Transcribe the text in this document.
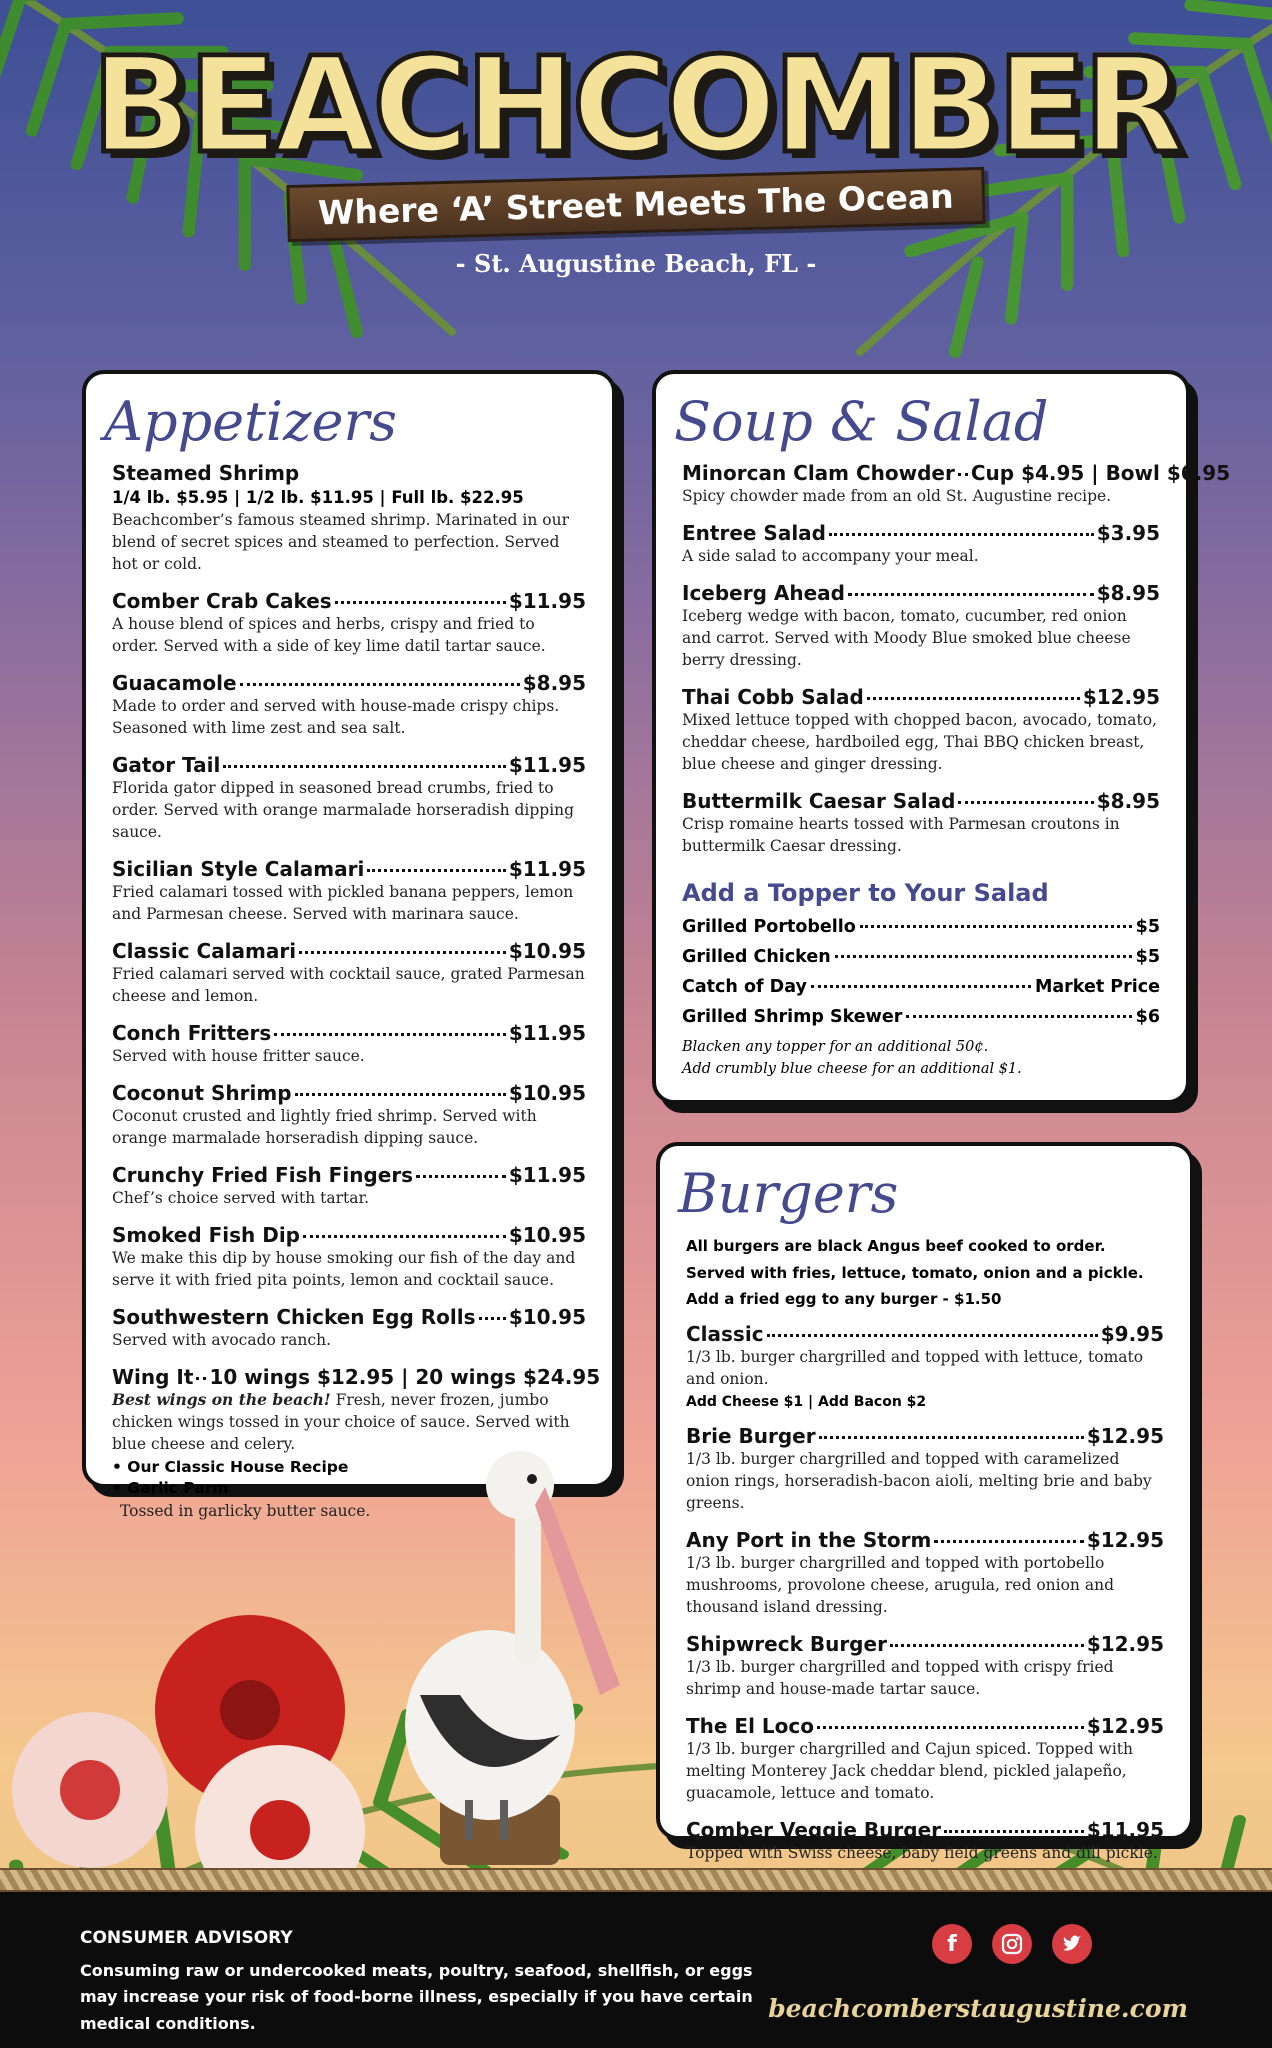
BEACHCOMBER
Where ‘A’ Street Meets The Ocean
- St. Augustine Beach, FL -
Appetizers
Steamed Shrimp
1/4 lb. $5.95 | 1/2 lb. $11.95 | Full lb. $22.95
Beachcomber’s famous steamed shrimp. Marinated in our blend of secret spices and steamed to perfection. Served hot or cold.
Comber Crab Cakes	$11.95
A house blend of spices and herbs, crispy and fried to order. Served with a side of key lime datil tartar sauce.
Guacamole	$8.95
Made to order and served with house-made crispy chips. Seasoned with lime zest and sea salt.
Gator Tail	$11.95
Florida gator dipped in seasoned bread crumbs, fried to order. Served with orange marmalade horseradish dipping sauce.
Sicilian Style Calamari	$11.95
Fried calamari tossed with pickled banana peppers, lemon and Parmesan cheese. Served with marinara sauce.
Classic Calamari	$10.95
Fried calamari served with cocktail sauce, grated Parmesan cheese and lemon.
Conch Fritters	$11.95
Served with house fritter sauce.
Coconut Shrimp	$10.95
Coconut crusted and lightly fried shrimp. Served with orange marmalade horseradish dipping sauce.
Crunchy Fried Fish Fingers	$11.95
Chef’s choice served with tartar.
Smoked Fish Dip	$10.95
We make this dip by house smoking our fish of the day and serve it with fried pita points, lemon and cocktail sauce.
Southwestern Chicken Egg Rolls $10.95
Served with avocado ranch.
Wing It 10 wings $12.95 | 20 wings $24.95
Best wings on the beach! Fresh, never frozen, jumbo chicken wings tossed in your choice of sauce. Served with blue cheese and celery.
• Our Classic House Recipe
• Garlic Parm
Tossed in garlicky butter sauce.
Soup & Salad
Minorcan Clam Chowder Cup $4.95 | Bowl $6.95
Spicy chowder made from an old St. Augustine recipe.
Entree Salad	$3.95
A side salad to accompany your meal.
Iceberg Ahead	$8.95
Iceberg wedge with bacon, tomato, cucumber, red onion and carrot. Served with Moody Blue smoked blue cheese berry dressing.
Thai Cobb Salad	$12.95
Mixed lettuce topped with chopped bacon, avocado, tomato, cheddar cheese, hardboiled egg, Thai BBQ chicken breast, blue cheese and ginger dressing.
Buttermilk Caesar Salad	$8.95
Crisp romaine hearts tossed with Parmesan croutons in buttermilk Caesar dressing.
Add a Topper to Your Salad
Grilled Portobello	$5
Grilled Chicken	$5
Catch of Day	Market Price
Grilled Shrimp Skewer	$6
Blacken any topper for an additional 50¢.
Add crumbly blue cheese for an additional $1.
Burgers
All burgers are black Angus beef cooked to order.
Served with fries, lettuce, tomato, onion and a pickle.
Add a fried egg to any burger - $1.50
Classic	$9.95
1/3 lb. burger chargrilled and topped with lettuce, tomato and onion.
Add Cheese $1 | Add Bacon $2
Brie Burger	$12.95
1/3 lb. burger chargrilled and topped with caramelized onion rings, horseradish-bacon aioli, melting brie and baby greens.
Any Port in the Storm	$12.95
1/3 lb. burger chargrilled and topped with portobello mushrooms, provolone cheese, arugula, red onion and thousand island dressing.
Shipwreck Burger	$12.95
1/3 lb. burger chargrilled and topped with crispy fried shrimp and house-made tartar sauce.
The El Loco	$12.95
1/3 lb. burger chargrilled and Cajun spiced. Topped with melting Monterey Jack cheddar blend, pickled jalapeño, guacamole, lettuce and tomato.
Comber Veggie Burger	$11.95
Topped with Swiss cheese, baby field greens and dill pickle.
CONSUMER ADVISORY
Consuming raw or undercooked meats, poultry, seafood, shellfish, or eggs may increase your risk of food-borne illness, especially if you have certain medical conditions.
f
beachcomberstaugustine.com
